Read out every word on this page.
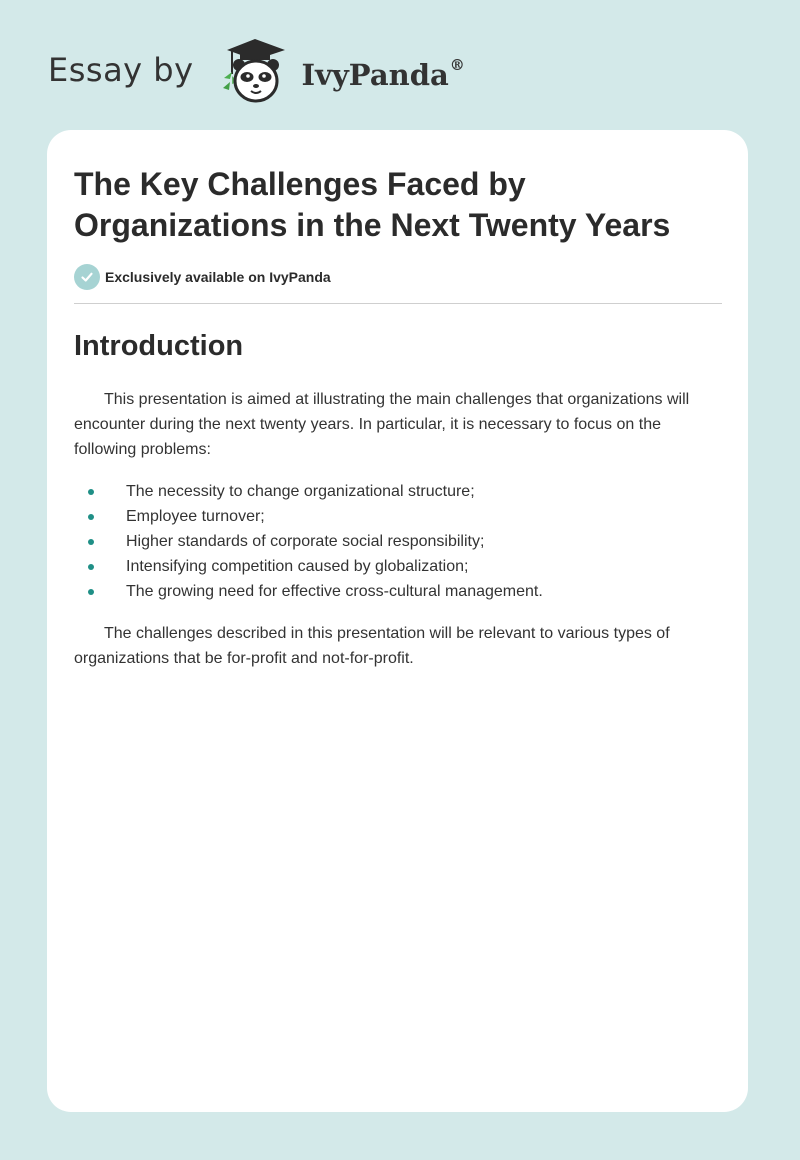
Essay by	IvyPanda®
The Key Challenges Faced by Organizations in the Next Twenty Years
Exclusively available on IvyPanda
Introduction

This presentation is aimed at illustrating the main challenges that organizations will encounter during the next twenty years. In particular, it is necessary to focus on the following problems:

The necessity to change organizational structure;
Employee turnover;
Higher standards of corporate social responsibility;
Intensifying competition caused by globalization;
The growing need for effective cross-cultural management.

The challenges described in this presentation will be relevant to various types of organizations that be for-profit and not-for-profit.
